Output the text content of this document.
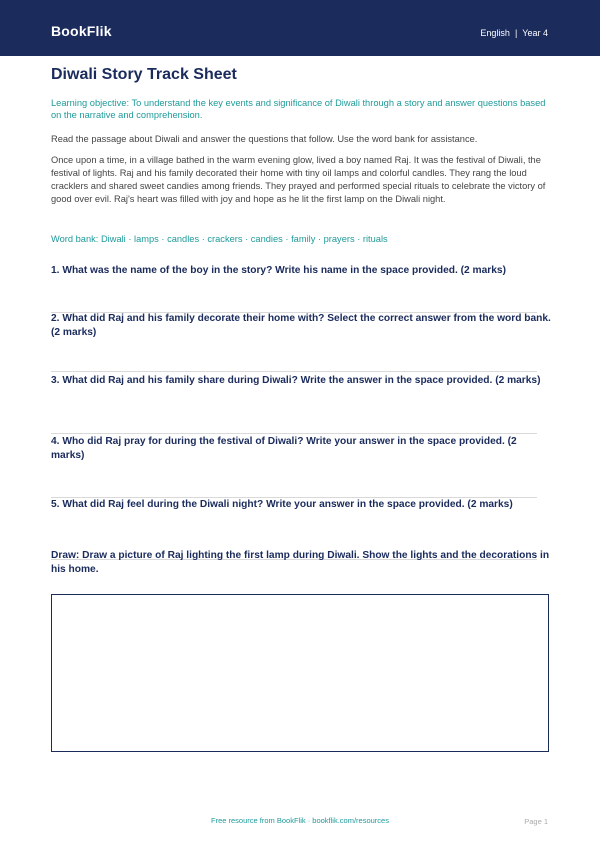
BookFlik	English | Year 4
Diwali Story Track Sheet
Learning objective: To understand the key events and significance of Diwali through a story and answer questions based on the narrative and comprehension.
Read the passage about Diwali and answer the questions that follow. Use the word bank for assistance.
Once upon a time, in a village bathed in the warm evening glow, lived a boy named Raj. It was the festival of Diwali, the festival of lights. Raj and his family decorated their home with tiny oil lamps and colorful candles. They rang the loud cracklers and shared sweet candies among friends. They prayed and performed special rituals to celebrate the victory of good over evil. Raj's heart was filled with joy and hope as he lit the first lamp on the Diwali night.
Word bank: Diwali · lamps · candles · crackers · candies · family · prayers · rituals
1. What was the name of the boy in the story? Write his name in the space provided. (2 marks)
2. What did Raj and his family decorate their home with? Select the correct answer from the word bank. (2 marks)
3. What did Raj and his family share during Diwali? Write the answer in the space provided. (2 marks)
4. Who did Raj pray for during the festival of Diwali? Write your answer in the space provided. (2 marks)
5. What did Raj feel during the Diwali night? Write your answer in the space provided. (2 marks)
Draw: Draw a picture of Raj lighting the first lamp during Diwali. Show the lights and the decorations in his home.
Free resource from BookFlik · bookflik.com/resources	Page 1
